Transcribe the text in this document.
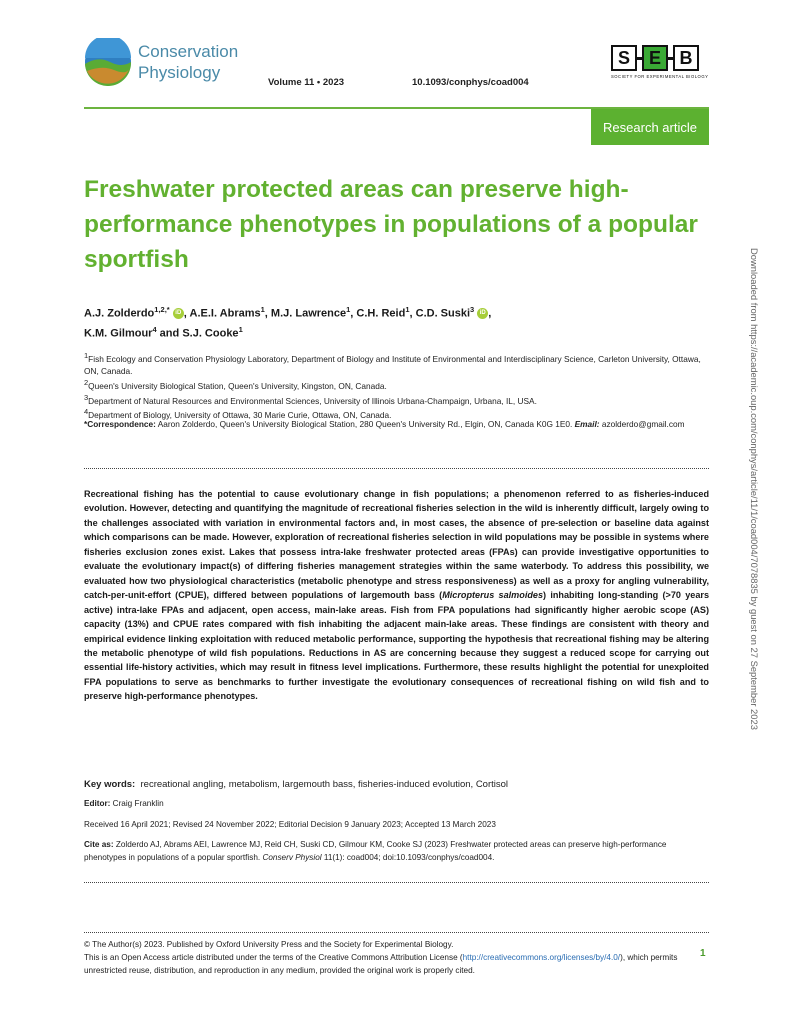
Conservation
Physiology
Volume 11 • 2023	10.1093/conphys/coad004
S	E	B
SOCIETY FOR EXPERIMENTAL BIOLOGY
Research article
Freshwater protected areas can preserve high-performance phenotypes in populations of a popular sportfish
A.J. Zolderdo$^{1,2,*}$ iD , A.E.I. Abrams$^1$, M.J. Lawrence$^1$, C.H. Reid$^1$, C.D. Suski$^3$ iD ,
K.M. Gilmour$^4$ and S.J. Cooke$^1$
$^1$Fish Ecology and Conservation Physiology Laboratory, Department of Biology and Institute of Environmental and Interdisciplinary Science, Carleton University, Ottawa, ON, Canada.
$^2$Queen's University Biological Station, Queen's University, Kingston, ON, Canada.
$^3$Department of Natural Resources and Environmental Sciences, University of Illinois Urbana-Champaign, Urbana, IL, USA.
$^4$Department of Biology, University of Ottawa, 30 Marie Curie, Ottawa, ON, Canada.
*Correspondence: Aaron Zolderdo, Queen's University Biological Station, 280 Queen's University Rd., Elgin, ON, Canada K0G 1E0. Email: azolderdo@gmail.com

Recreational fishing has the potential to cause evolutionary change in fish populations; a phenomenon referred to as fisheries-induced evolution. However, detecting and quantifying the magnitude of recreational fisheries selection in the wild is inherently difficult, largely owing to the challenges associated with variation in environmental factors and, in most cases, the absence of pre-selection or baseline data against which comparisons can be made. However, exploration of recreational fisheries selection in wild populations may be possible in systems where fisheries exclusion zones exist. Lakes that possess intra-lake freshwater protected areas (FPAs) can provide investigative opportunities to evaluate the evolutionary impact(s) of differing fisheries management strategies within the same waterbody. To address this possibility, we evaluated how two physiological characteristics (metabolic phenotype and stress responsiveness) as well as a proxy for angling vulnerability, catch-per-unit-effort (CPUE), differed between populations of largemouth bass (Micropterus salmoides) inhabiting long-standing (>70 years active) intra-lake FPAs and adjacent, open access, main-lake areas. Fish from FPA populations had significantly higher aerobic scope (AS) capacity (13%) and CPUE rates compared with fish inhabiting the adjacent main-lake areas. These findings are consistent with theory and empirical evidence linking exploitation with reduced metabolic performance, supporting the hypothesis that recreational fishing may be altering the metabolic phenotype of wild fish populations. Reductions in AS are concerning because they suggest a reduced scope for carrying out essential life-history activities, which may result in fitness level implications. Furthermore, these results highlight the potential for unexploited FPA populations to serve as benchmarks to further investigate the evolutionary consequences of recreational fishing on wild fish and to preserve high-performance phenotypes.

Key words: recreational angling, metabolism, largemouth bass, fisheries-induced evolution, Cortisol
Editor: Craig Franklin
Received 16 April 2021; Revised 24 November 2022; Editorial Decision 9 January 2023; Accepted 13 March 2023
Cite as: Zolderdo AJ, Abrams AEI, Lawrence MJ, Reid CH, Suski CD, Gilmour KM, Cooke SJ (2023) Freshwater protected areas can preserve high-performance phenotypes in populations of a popular sportfish. Conserv Physiol 11(1): coad004; doi:10.1093/conphys/coad004.
© The Author(s) 2023. Published by Oxford University Press and the Society for Experimental Biology.
This is an Open Access article distributed under the terms of the Creative Commons Attribution License (http://creativecommons.org/licenses/by/4.0/), which permits unrestricted reuse, distribution, and reproduction in any medium, provided the original work is properly cited.
1
Downloaded from https://academic.oup.com/conphys/article/11/1/coad004/7078835 by guest on 27 September 2023
